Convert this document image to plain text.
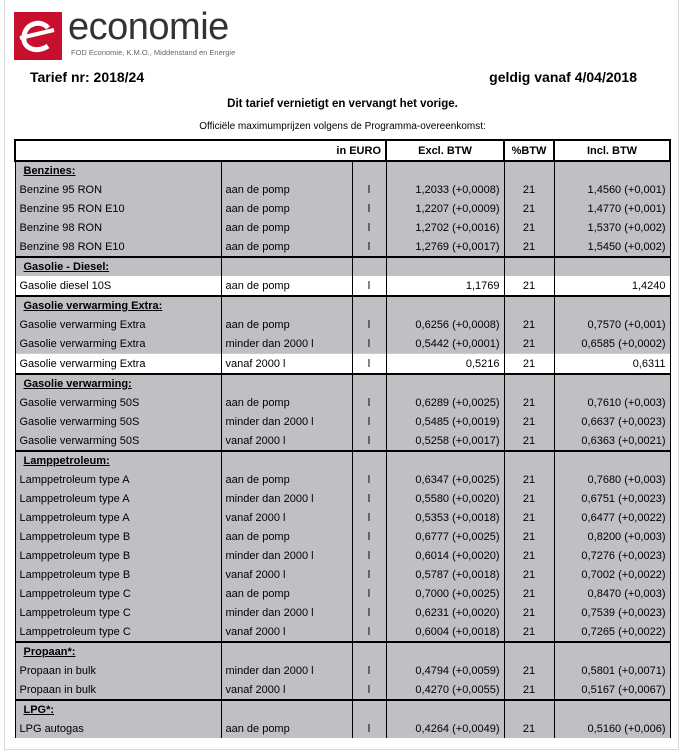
economie
FOD Economie, K.M.O., Middenstand en Energie
Tarief nr: 2018/24	geldig vanaf 4/04/2018
Dit tarief vernietigt en vervangt het vorige.
Officiële maximumprijzen volgens de Programma-overeenkomst:
in EURO			Excl. BTW	%BTW	Incl. BTW
Benzines:					
Benzine 95 RON	aan de pomp	l	1,2033 (+0,0008)	21	1,4560 (+0,001)
Benzine 95 RON E10	aan de pomp	l	1,2207 (+0,0009)	21	1,4770 (+0,001)
Benzine 98 RON	aan de pomp	l	1,2702 (+0,0016)	21	1,5370 (+0,002)
Benzine 98 RON E10	aan de pomp	l	1,2769 (+0,0017)	21	1,5450 (+0,002)
Gasolie - Diesel:					
Gasolie diesel 10S	aan de pomp	l	1,1769	21	1,4240
Gasolie verwarming Extra:					
Gasolie verwarming Extra	aan de pomp	l	0,6256 (+0,0008)	21	0,7570 (+0,001)
Gasolie verwarming Extra	minder dan 2000 l	l	0,5442 (+0,0001)	21	0,6585 (+0,0002)
Gasolie verwarming Extra	vanaf 2000 l	l	0,5216	21	0,6311
Gasolie verwarming:					
Gasolie verwarming 50S	aan de pomp	l	0,6289 (+0,0025)	21	0,7610 (+0,003)
Gasolie verwarming 50S	minder dan 2000 l	l	0,5485 (+0,0019)	21	0,6637 (+0,0023)
Gasolie verwarming 50S	vanaf 2000 l	l	0,5258 (+0,0017)	21	0,6363 (+0,0021)
Lamppetroleum:					
Lamppetroleum type A	aan de pomp	l	0,6347 (+0,0025)	21	0,7680 (+0,003)
Lamppetroleum type A	minder dan 2000 l	l	0,5580 (+0,0020)	21	0,6751 (+0,0023)
Lamppetroleum type A	vanaf 2000 l	l	0,5353 (+0,0018)	21	0,6477 (+0,0022)
Lamppetroleum type B	aan de pomp	l	0,6777 (+0,0025)	21	0,8200 (+0,003)
Lamppetroleum type B	minder dan 2000 l	l	0,6014 (+0,0020)	21	0,7276 (+0,0023)
Lamppetroleum type B	vanaf 2000 l	l	0,5787 (+0,0018)	21	0,7002 (+0,0022)
Lamppetroleum type C	aan de pomp	l	0,7000 (+0,0025)	21	0,8470 (+0,003)
Lamppetroleum type C	minder dan 2000 l	l	0,6231 (+0,0020)	21	0,7539 (+0,0023)
Lamppetroleum type C	vanaf 2000 l	l	0,6004 (+0,0018)	21	0,7265 (+0,0022)
Propaan*:					
Propaan in bulk	minder dan 2000 l	l	0,4794 (+0,0059)	21	0,5801 (+0,0071)
Propaan in bulk	vanaf 2000 l	l	0,4270 (+0,0055)	21	0,5167 (+0,0067)
LPG*:					
LPG autogas	aan de pomp	l	0,4264 (+0,0049)	21	0,5160 (+0,006)
